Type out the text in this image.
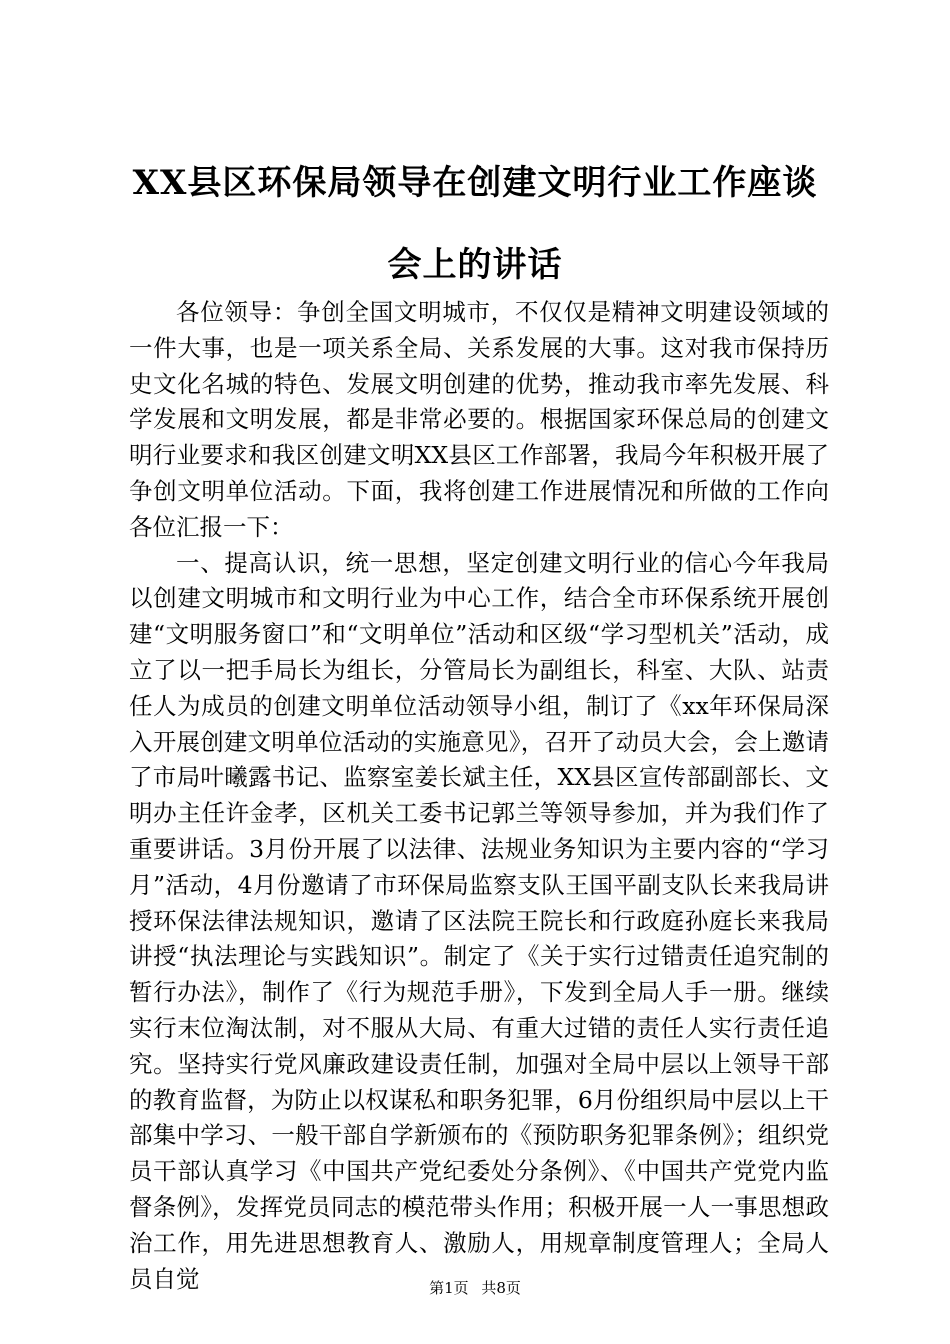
XX县区环保局领导在创建文明行业工作座谈
会上的讲话

各位领导：争创全国文明城市，不仅仅是精神文明建设领域的一件大事，也是一项关系全局、关系发展的大事。这对我市保持历史文化名城的特色、发展文明创建的优势，推动我市率先发展、科学发展和文明发展，都是非常必要的。根据国家环保总局的创建文明行业要求和我区创建文明XX县区工作部署，我局今年积极开展了争创文明单位活动。下面，我将创建工作进展情况和所做的工作向各位汇报一下：

一、提高认识，统一思想，坚定创建文明行业的信心今年我局以创建文明城市和文明行业为中心工作，结合全市环保系统开展创建“文明服务窗口”和“文明单位”活动和区级“学习型机关”活动，成立了以一把手局长为组长，分管局长为副组长，科室、大队、站责任人为成员的创建文明单位活动领导小组，制订了《xx年环保局深入开展创建文明单位活动的实施意见》，召开了动员大会，会上邀请了市局叶曦露书记、监察室姜长斌主任，XX县区宣传部副部长、文明办主任许金孝，区机关工委书记郭兰等领导参加，并为我们作了重要讲话。3月份开展了以法律、法规业务知识为主要内容的“学习月”活动，4月份邀请了市环保局监察支队王国平副支队长来我局讲授环保法律法规知识，邀请了区法院王院长和行政庭孙庭长来我局讲授“执法理论与实践知识”。制定了《关于实行过错责任追究制的暂行办法》，制作了《行为规范手册》，下发到全局人手一册。继续实行末位淘汰制，对不服从大局、有重大过错的责任人实行责任追究。坚持实行党风廉政建设责任制，加强对全局中层以上领导干部的教育监督，为防止以权谋私和职务犯罪，6月份组织局中层以上干部集中学习、一般干部自学新颁布的《预防职务犯罪条例》；组织党员干部认真学习《中国共产党纪委处分条例》、《中国共产党党内监督条例》，发挥党员同志的模范带头作用；积极开展一人一事思想政治工作，用先进思想教育人、激励人，用规章制度管理人；全局人员自觉	第1页 共8页
